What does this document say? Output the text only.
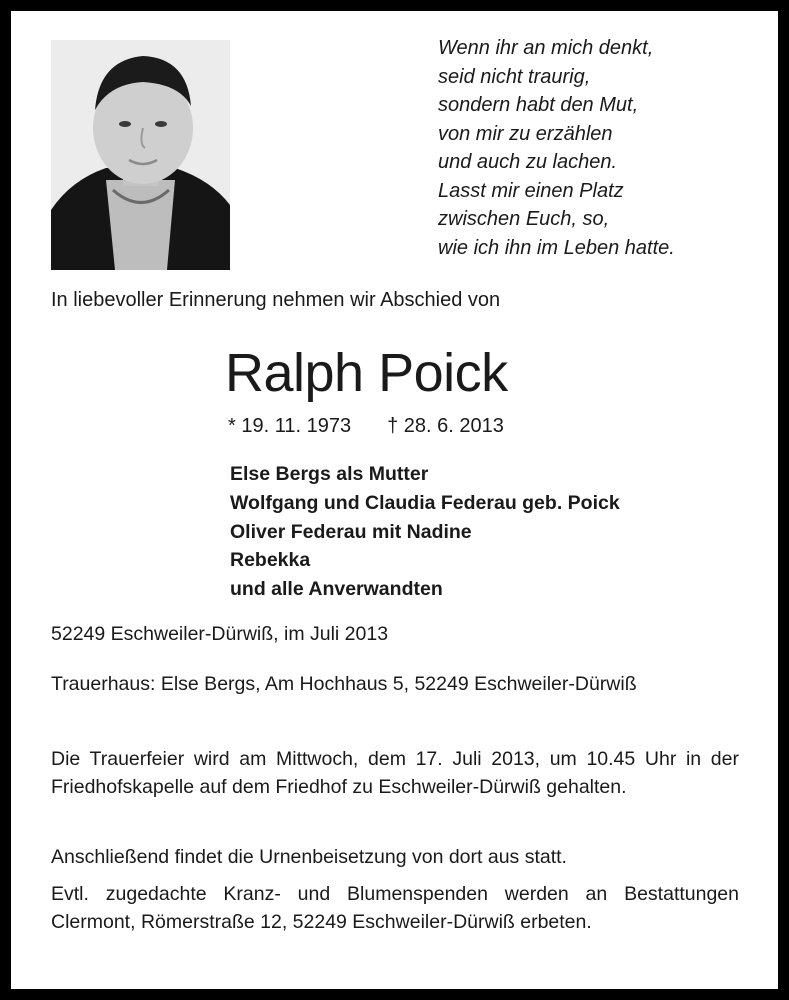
Wenn ihr an mich denkt,
seid nicht traurig,
sondern habt den Mut,
von mir zu erzählen
und auch zu lachen.
Lasst mir einen Platz
zwischen Euch, so,
wie ich ihn im Leben hatte.
In liebevoller Erinnerung nehmen wir Abschied von
Ralph Poick
* 19. 11. 1973 † 28. 6. 2013
Else Bergs als Mutter
Wolfgang und Claudia Federau geb. Poick
Oliver Federau mit Nadine
Rebekka
und alle Anverwandten

52249 Eschweiler-Dürwiß, im Juli 2013

Trauerhaus: Else Bergs, Am Hochhaus 5, 52249 Eschweiler-Dürwiß

Die Trauerfeier wird am Mittwoch, dem 17. Juli 2013, um 10.45 Uhr in der Friedhofskapelle auf dem Friedhof zu Eschweiler-Dürwiß gehalten.

Anschließend findet die Urnenbeisetzung von dort aus statt.

Evtl. zugedachte Kranz- und Blumenspenden werden an Bestattungen Clermont, Römerstraße 12, 52249 Eschweiler-Dürwiß erbeten.
